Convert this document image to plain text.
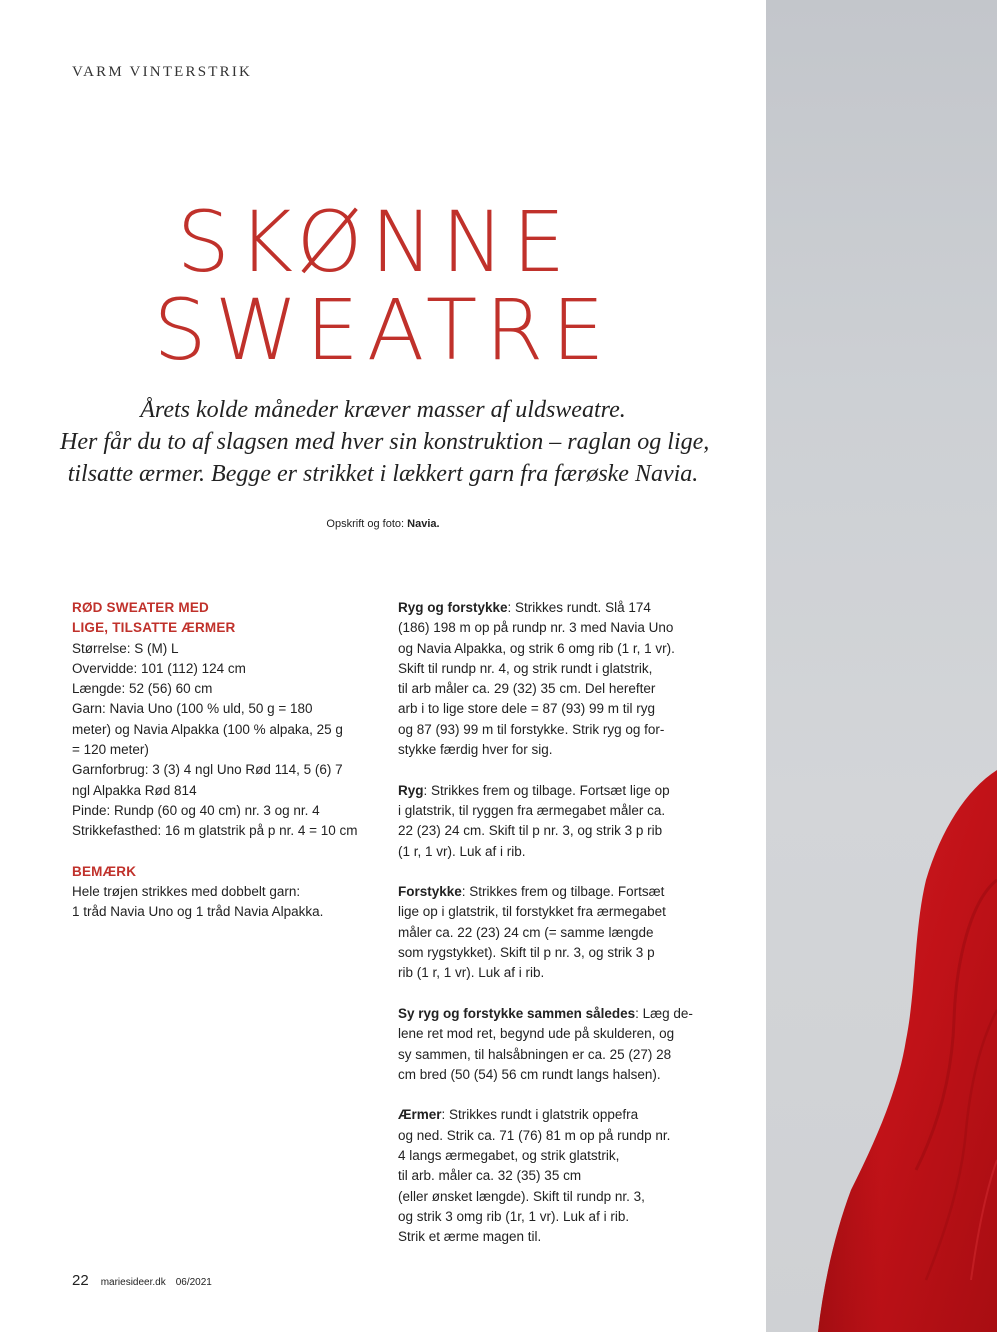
VARM VINTERSTRIK
SKØNNE
SWEATRE
Årets kolde måneder kræver masser af uldsweatre.
Her får du to af slagsen med hver sin konstruktion – raglan og lige,
tilsatte ærmer. Begge er strikket i lækkert garn fra færøske Navia.
Opskrift og foto: Navia.
RØD SWEATER MED
LIGE, TILSATTE ÆRMER
Størrelse: S (M) L
Overvidde: 101 (112) 124 cm
Længde: 52 (56) 60 cm
Garn: Navia Uno (100 % uld, 50 g = 180
meter) og Navia Alpakka (100 % alpaka, 25 g
= 120 meter)
Garnforbrug: 3 (3) 4 ngl Uno Rød 114, 5 (6) 7
ngl Alpakka Rød 814
Pinde: Rundp (60 og 40 cm) nr. 3 og nr. 4
Strikkefasthed: 16 m glatstrik på p nr. 4 = 10 cm
BEMÆRK
Hele trøjen strikkes med dobbelt garn:
1 tråd Navia Uno og 1 tråd Navia Alpakka.
Ryg og forstykke: Strikkes rundt. Slå 174
(186) 198 m op på rundp nr. 3 med Navia Uno
og Navia Alpakka, og strik 6 omg rib (1 r, 1 vr).
Skift til rundp nr. 4, og strik rundt i glatstrik,
til arb måler ca. 29 (32) 35 cm. Del herefter
arb i to lige store dele = 87 (93) 99 m til ryg
og 87 (93) 99 m til forstykke. Strik ryg og for-
stykke færdig hver for sig.
Ryg: Strikkes frem og tilbage. Fortsæt lige op
i glatstrik, til ryggen fra ærmegabet måler ca.
22 (23) 24 cm. Skift til p nr. 3, og strik 3 p rib
(1 r, 1 vr). Luk af i rib.
Forstykke: Strikkes frem og tilbage. Fortsæt
lige op i glatstrik, til forstykket fra ærmegabet
måler ca. 22 (23) 24 cm (= samme længde
som rygstykket). Skift til p nr. 3, og strik 3 p
rib (1 r, 1 vr). Luk af i rib.
Sy ryg og forstykke sammen således: Læg de-
lene ret mod ret, begynd ude på skulderen, og
sy sammen, til halsåbningen er ca. 25 (27) 28
cm bred (50 (54) 56 cm rundt langs halsen).
Ærmer: Strikkes rundt i glatstrik oppefra
og ned. Strik ca. 71 (76) 81 m op på rundp nr.
4 langs ærmegabet, og strik glatstrik,
til arb. måler ca. 32 (35) 35 cm
(eller ønsket længde). Skift til rundp nr. 3,
og strik 3 omg rib (1r, 1 vr). Luk af i rib.
Strik et ærme magen til.
22 mariesideer.dk 06/2021
